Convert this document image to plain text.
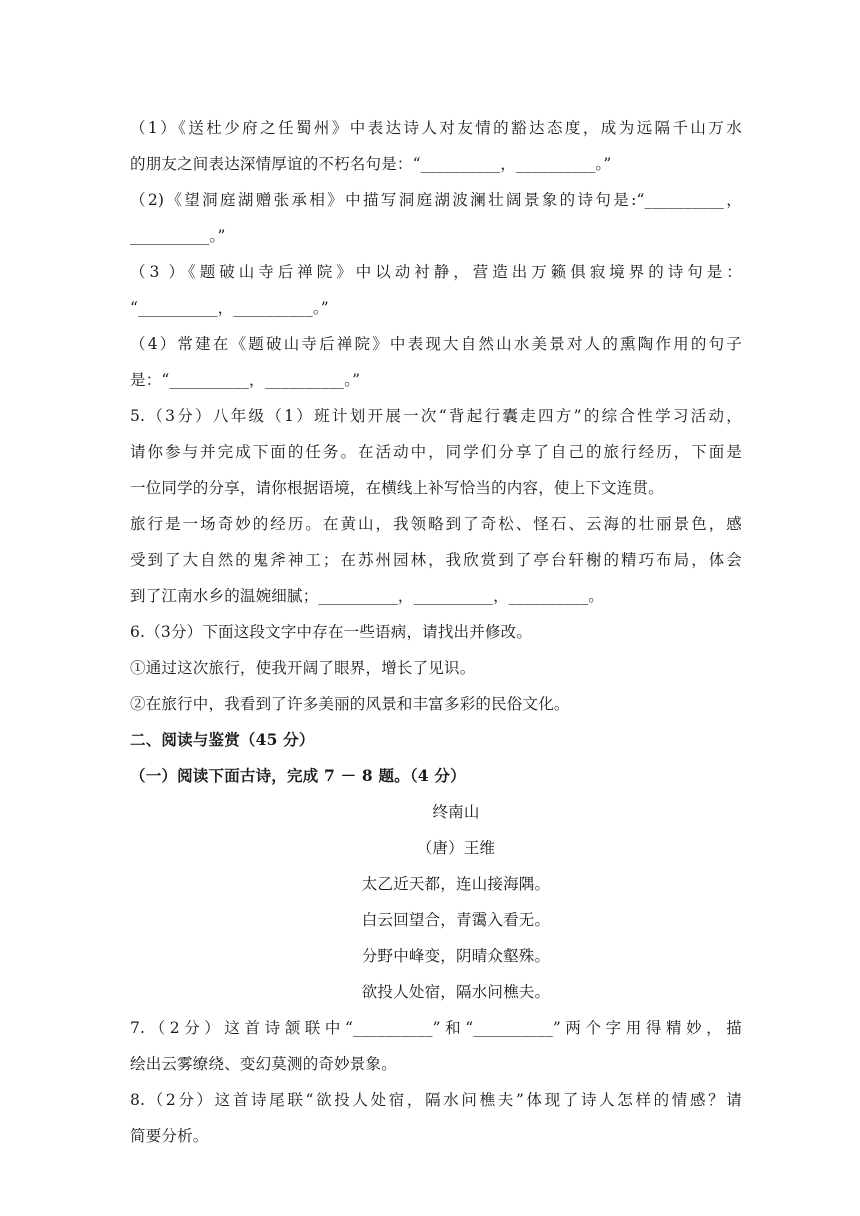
（1）《送杜少府之任蜀州》中表达诗人对友情的豁达态度，成为远隔千山万水
的朋友之间表达深情厚谊的不朽名句是：“__________，__________。”
（2)《望洞庭湖赠张承相》中描写洞庭湖波澜壮阔景象的诗句是:“__________，
__________。”
（3 ）《题破山寺后禅院》中以动衬静，营造出万籁俱寂境界的诗句是：
“__________，__________。”
（4）常建在《题破山寺后禅院》中表现大自然山水美景对人的熏陶作用的句子
是：“__________，__________。”
5.（3分）八年级（1）班计划开展一次“背起行囊走四方”的综合性学习活动，
请你参与并完成下面的任务。在活动中，同学们分享了自己的旅行经历，下面是
一位同学的分享，请你根据语境，在横线上补写恰当的内容，使上下文连贯。
旅行是一场奇妙的经历。在黄山，我领略到了奇松、怪石、云海的壮丽景色，感
受到了大自然的鬼斧神工；在苏州园林，我欣赏到了亭台轩榭的精巧布局，体会
到了江南水乡的温婉细腻；__________，__________，__________。
6.（3分）下面这段文字中存在一些语病，请找出并修改。
①通过这次旅行，使我开阔了眼界，增长了见识。
②在旅行中，我看到了许多美丽的风景和丰富多彩的民俗文化。
二、阅读与鉴赏（45 分）
（一）阅读下面古诗，完成 7 － 8 题。（4 分）
终南山
（唐）王维
太乙近天都，连山接海隅。
白云回望合，青霭入看无。
分野中峰变，阴晴众壑殊。
欲投人处宿，隔水问樵夫。
7.（2分）这首诗颔联中“__________”和“__________”两个字用得精妙，描
绘出云雾缭绕、变幻莫测的奇妙景象。
8.（2分）这首诗尾联“欲投人处宿，隔水问樵夫”体现了诗人怎样的情感？请
简要分析。
